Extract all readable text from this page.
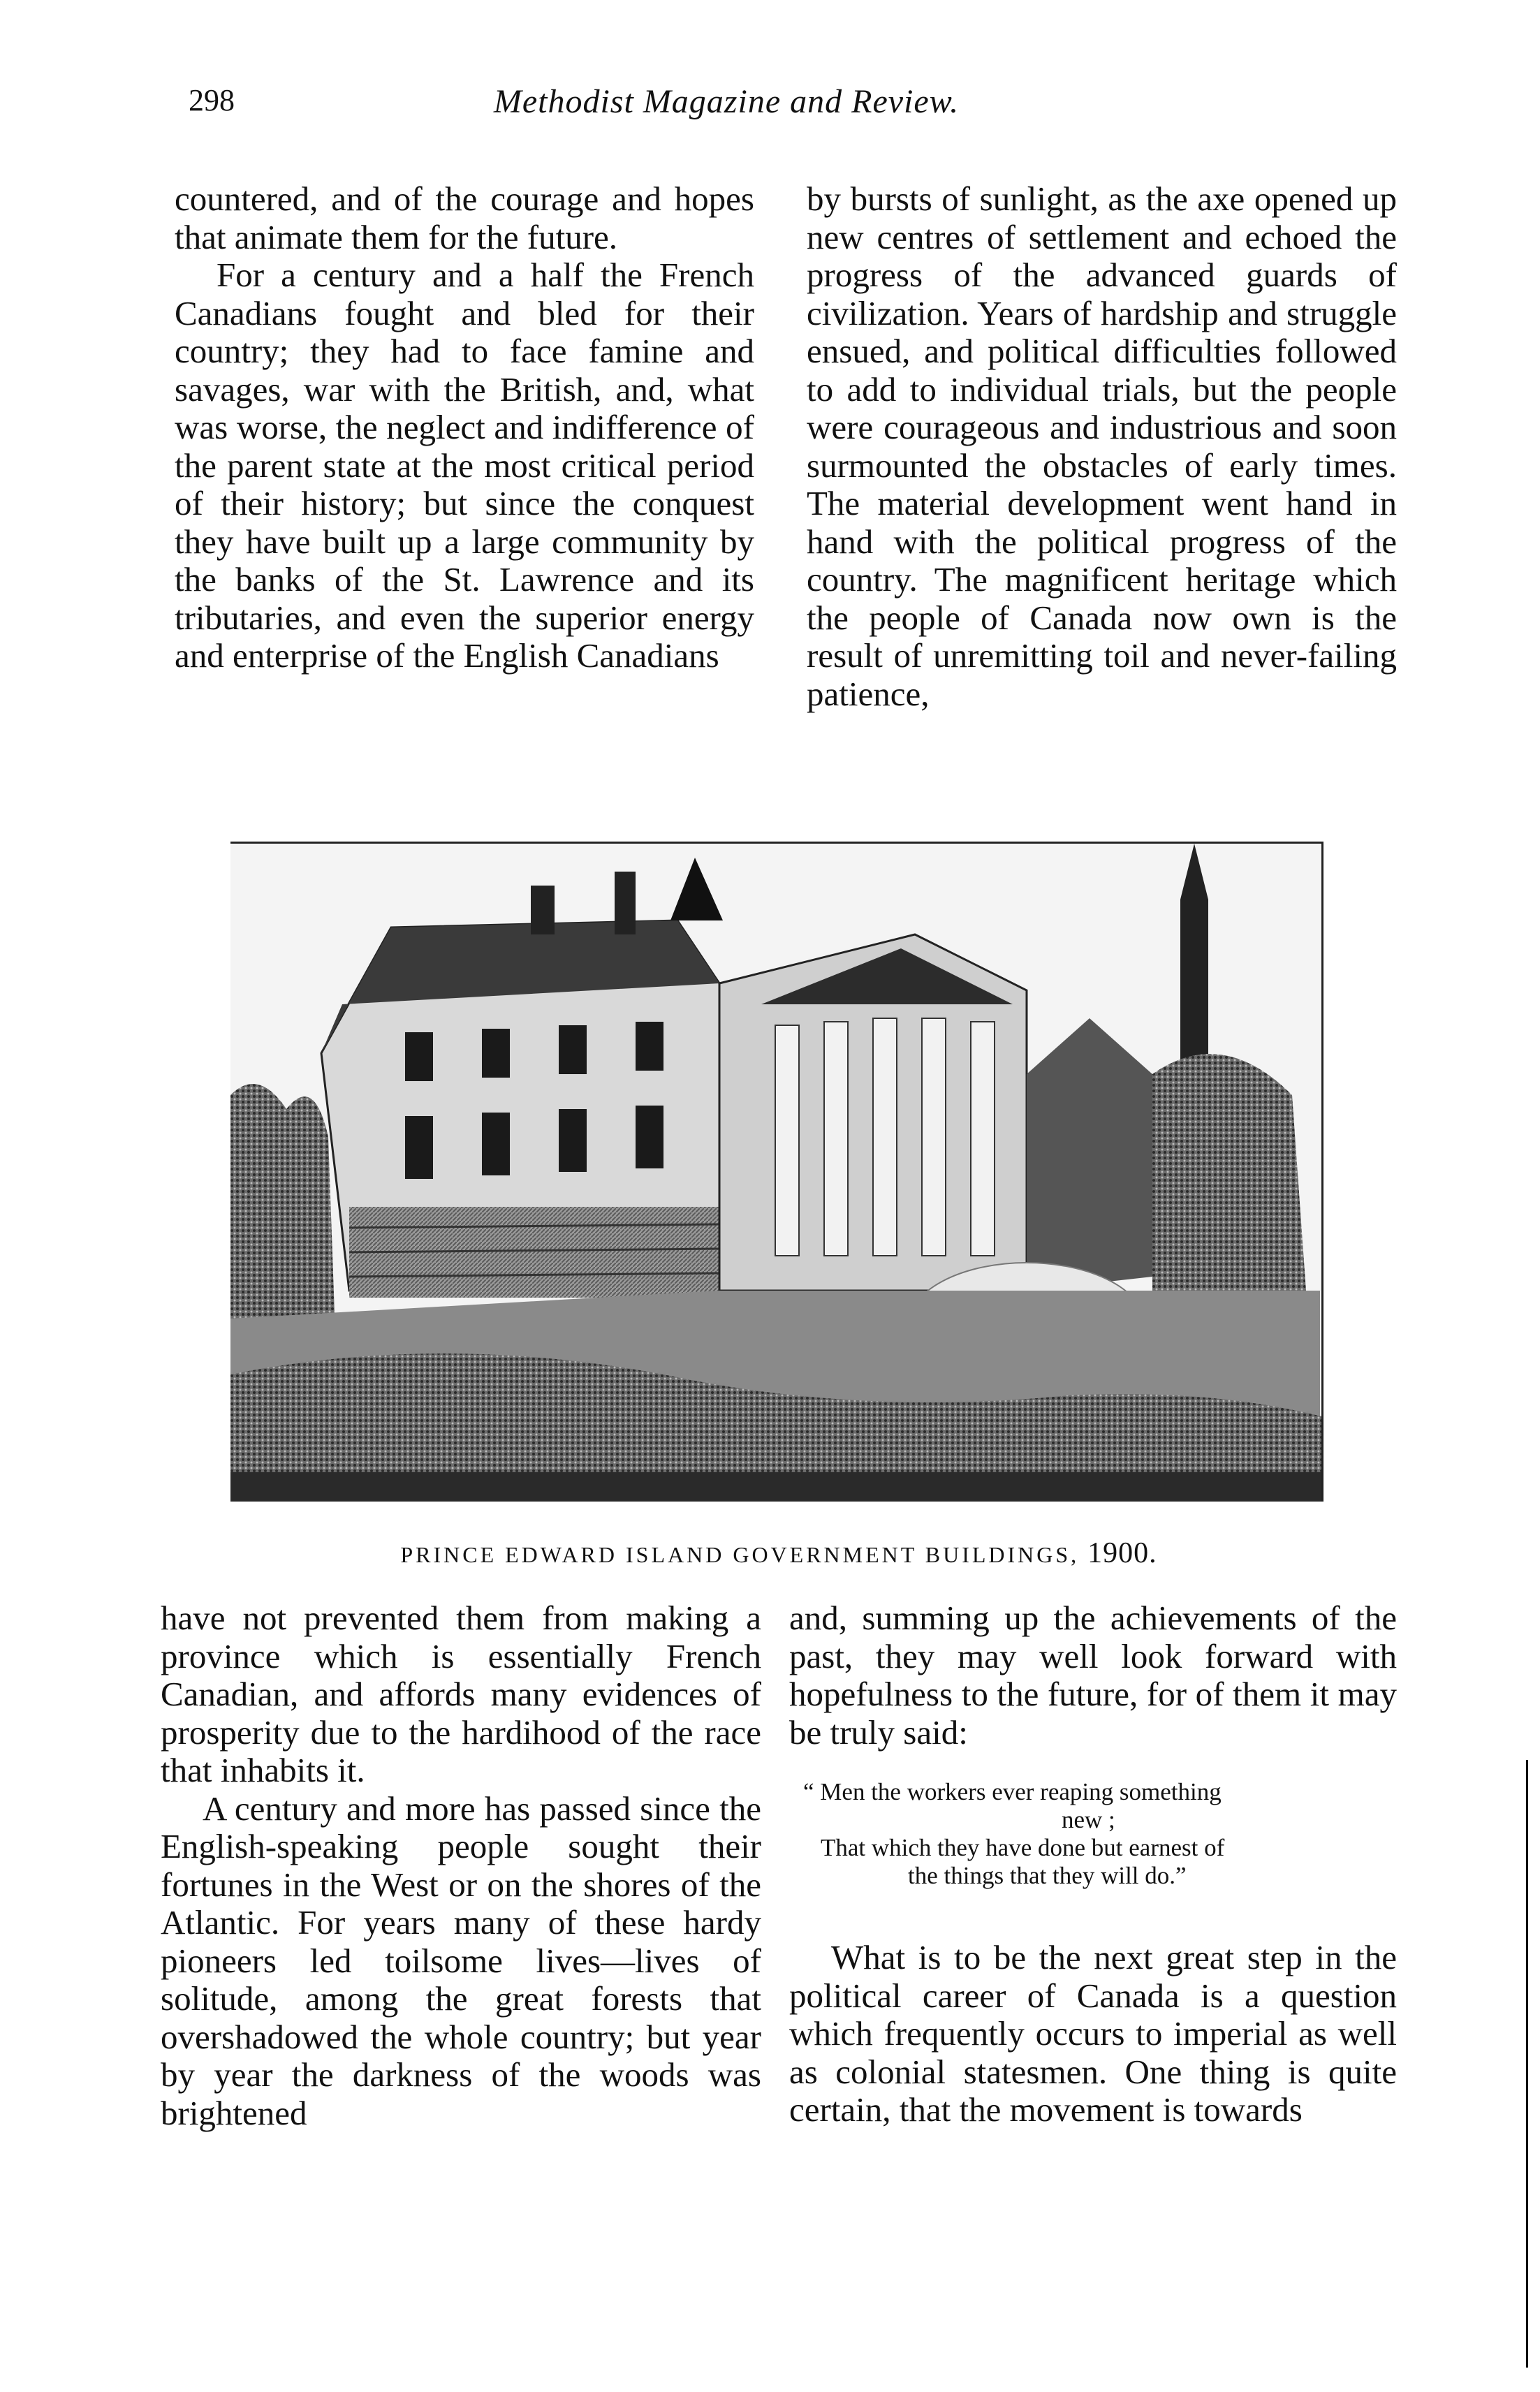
298	Methodist Magazine and Review.

countered, and of the courage and hopes that animate them for the future.

For a century and a half the French Canadians fought and bled for their country; they had to face famine and savages, war with the British, and, what was worse, the neglect and indifference of the parent state at the most critical period of their history; but since the conquest they have built up a large community by the banks of the St. Lawrence and its tributaries, and even the superior energy and enterprise of the English Canadians

by bursts of sunlight, as the axe opened up new centres of settlement and echoed the progress of the advanced guards of civilization. Years of hardship and struggle ensued, and political difficulties followed to add to individual trials, but the people were courageous and industrious and soon surmounted the obstacles of early times. The material development went hand in hand with the political progress of the country. The magnificent heritage which the people of Canada now own is the result of unremitting toil and never-failing patience,

PRINCE EDWARD ISLAND GOVERNMENT BUILDINGS, 1900.

have not prevented them from making a province which is essentially French Canadian, and affords many evidences of prosperity due to the hardihood of the race that inhabits it.

A century and more has passed since the English-speaking people sought their fortunes in the West or on the shores of the Atlantic. For years many of these hardy pioneers led toilsome lives—lives of solitude, among the great forests that overshadowed the whole country; but year by year the darkness of the woods was brightened

and, summing up the achievements of the past, they may well look forward with hopefulness to the future, for of them it may be truly said:

“ Men the workers ever reaping something
new ;
That which they have done but earnest of
the things that they will do.”

What is to be the next great step in the political career of Canada is a question which frequently occurs to imperial as well as colonial statesmen. One thing is quite certain, that the movement is towards
